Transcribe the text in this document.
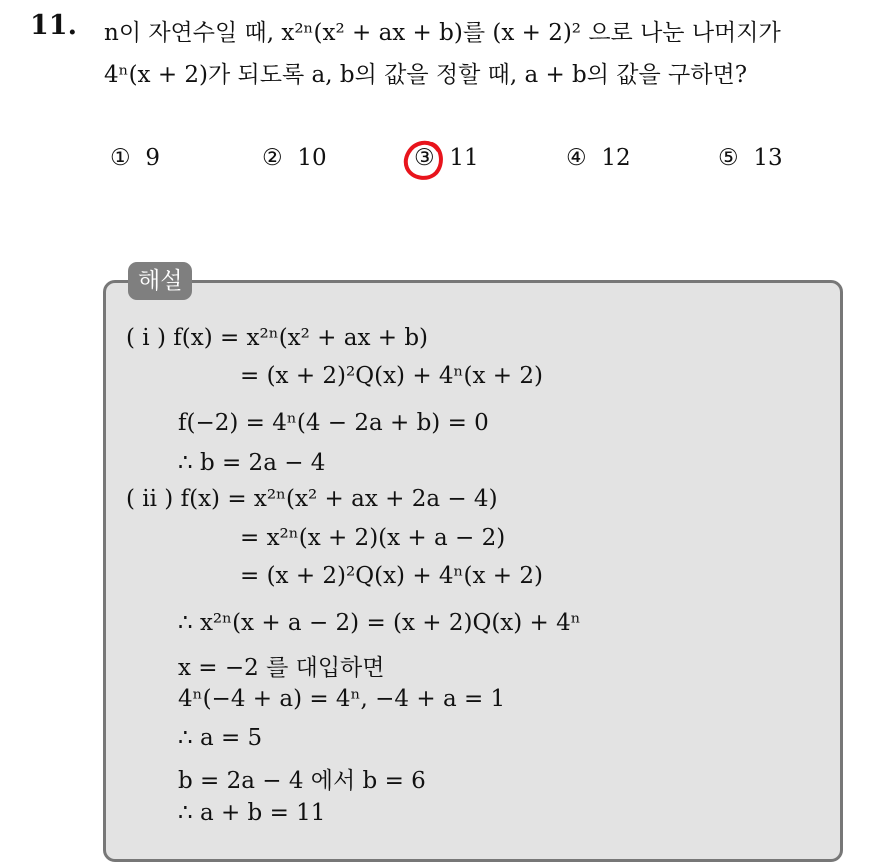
11. n이 자연수일 때, x²ⁿ(x² + ax + b)를 (x + 2)² 으로 나눈 나머지가
4ⁿ(x + 2)가 되도록 a, b의 값을 정할 때, a + b의 값을 구하면?
① 9	② 10	③ 11	④ 12	⑤ 13
해설
( i ) f(x) = x²ⁿ(x² + ax + b)
= (x + 2)²Q(x) + 4ⁿ(x + 2)
f(−2) = 4ⁿ(4 − 2a + b) = 0
∴ b = 2a − 4
( ii ) f(x) = x²ⁿ(x² + ax + 2a − 4)
= x²ⁿ(x + 2)(x + a − 2)
= (x + 2)²Q(x) + 4ⁿ(x + 2)
∴ x²ⁿ(x + a − 2) = (x + 2)Q(x) + 4ⁿ
x = −2 를 대입하면
4ⁿ(−4 + a) = 4ⁿ, −4 + a = 1
∴ a = 5
b = 2a − 4 에서 b = 6
∴ a + b = 11
